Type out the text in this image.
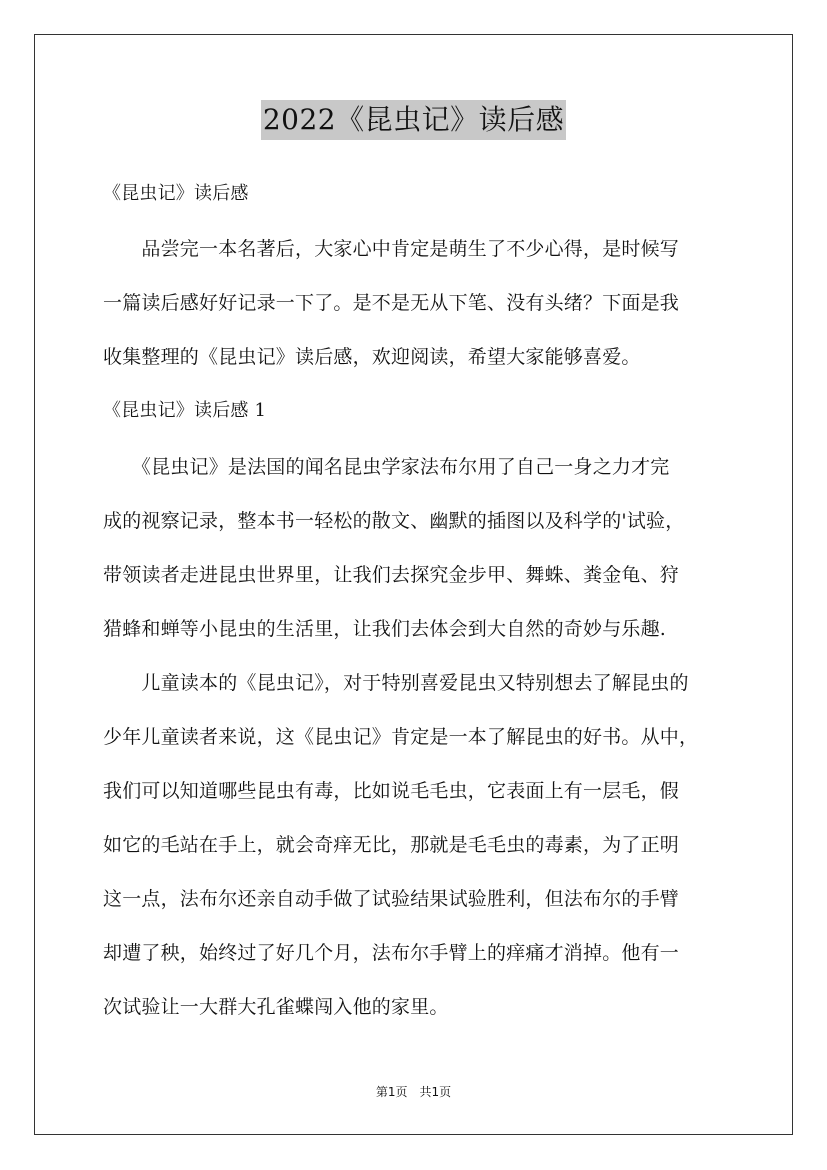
2022《昆虫记》读后感
《昆虫记》读后感
　　品尝完一本名著后，大家心中肯定是萌生了不少心得，是时候写
一篇读后感好好记录一下了。是不是无从下笔、没有头绪？下面是我
收集整理的《昆虫记》读后感，欢迎阅读，希望大家能够喜爱。
《昆虫记》读后感 1
　　《昆虫记》是法国的闻名昆虫学家法布尔用了自己一身之力才完
成的视察记录，整本书一轻松的散文、幽默的插图以及科学的'试验，
带领读者走进昆虫世界里，让我们去探究金步甲、舞蛛、粪金龟、狩
猎蜂和蝉等小昆虫的生活里，让我们去体会到大自然的奇妙与乐趣.
　　儿童读本的《昆虫记》，对于特别喜爱昆虫又特别想去了解昆虫的
少年儿童读者来说，这《昆虫记》肯定是一本了解昆虫的好书。从中，
我们可以知道哪些昆虫有毒，比如说毛毛虫，它表面上有一层毛，假
如它的毛站在手上，就会奇痒无比，那就是毛毛虫的毒素，为了正明
这一点，法布尔还亲自动手做了试验结果试验胜利，但法布尔的手臂
却遭了秧，始终过了好几个月，法布尔手臂上的痒痛才消掉。他有一
次试验让一大群大孔雀蝶闯入他的家里。
第1页　共1页
